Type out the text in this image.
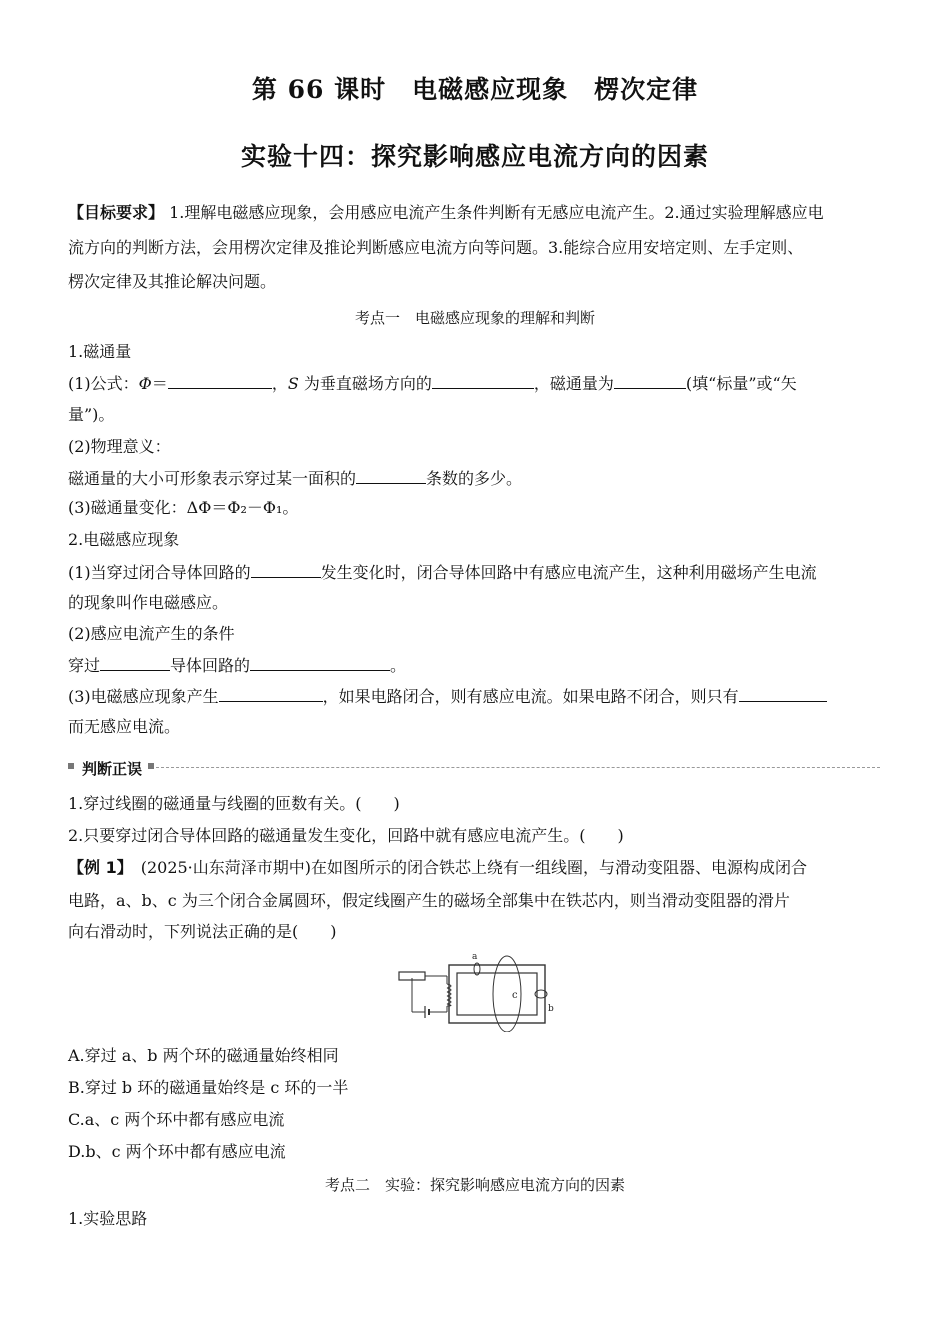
第 66 课时　电磁感应现象　楞次定律
实验十四：探究影响感应电流方向的因素
【目标要求】 1.理解电磁感应现象，会用感应电流产生条件判断有无感应电流产生。2.通过实验理解感应电
流方向的判断方法，会用楞次定律及推论判断感应电流方向等问题。3.能综合应用安培定则、左手定则、
楞次定律及其推论解决问题。
考点一　电磁感应现象的理解和判断
1.磁通量
(1)公式：Φ＝	，S 为垂直磁场方向的	，磁通量为	(填“标量”或“矢
量”)。
(2)物理意义：
磁通量的大小可形象表示穿过某一面积的	条数的多少。
(3)磁通量变化：ΔΦ＝Φ₂－Φ₁。
2.电磁感应现象
(1)当穿过闭合导体回路的	发生变化时，闭合导体回路中有感应电流产生，这种利用磁场产生电流
的现象叫作电磁感应。
(2)感应电流产生的条件
穿过	导体回路的	。
(3)电磁感应现象产生	，如果电路闭合，则有感应电流。如果电路不闭合，则只有
而无感应电流。
判断正误
1.穿过线圈的磁通量与线圈的匝数有关。(　　)
2.只要穿过闭合导体回路的磁通量发生变化，回路中就有感应电流产生。(　　)
【例 1】　(2025·山东菏泽市期中)在如图所示的闭合铁芯上绕有一组线圈，与滑动变阻器、电源构成闭合
电路，a、b、c 为三个闭合金属圆环，假定线圈产生的磁场全部集中在铁芯内，则当滑动变阻器的滑片
向右滑动时，下列说法正确的是(　　)
a
c
b
A.穿过 a、b 两个环的磁通量始终相同
B.穿过 b 环的磁通量始终是 c 环的一半
C.a、c 两个环中都有感应电流
D.b、c 两个环中都有感应电流
考点二　实验：探究影响感应电流方向的因素
1.实验思路
